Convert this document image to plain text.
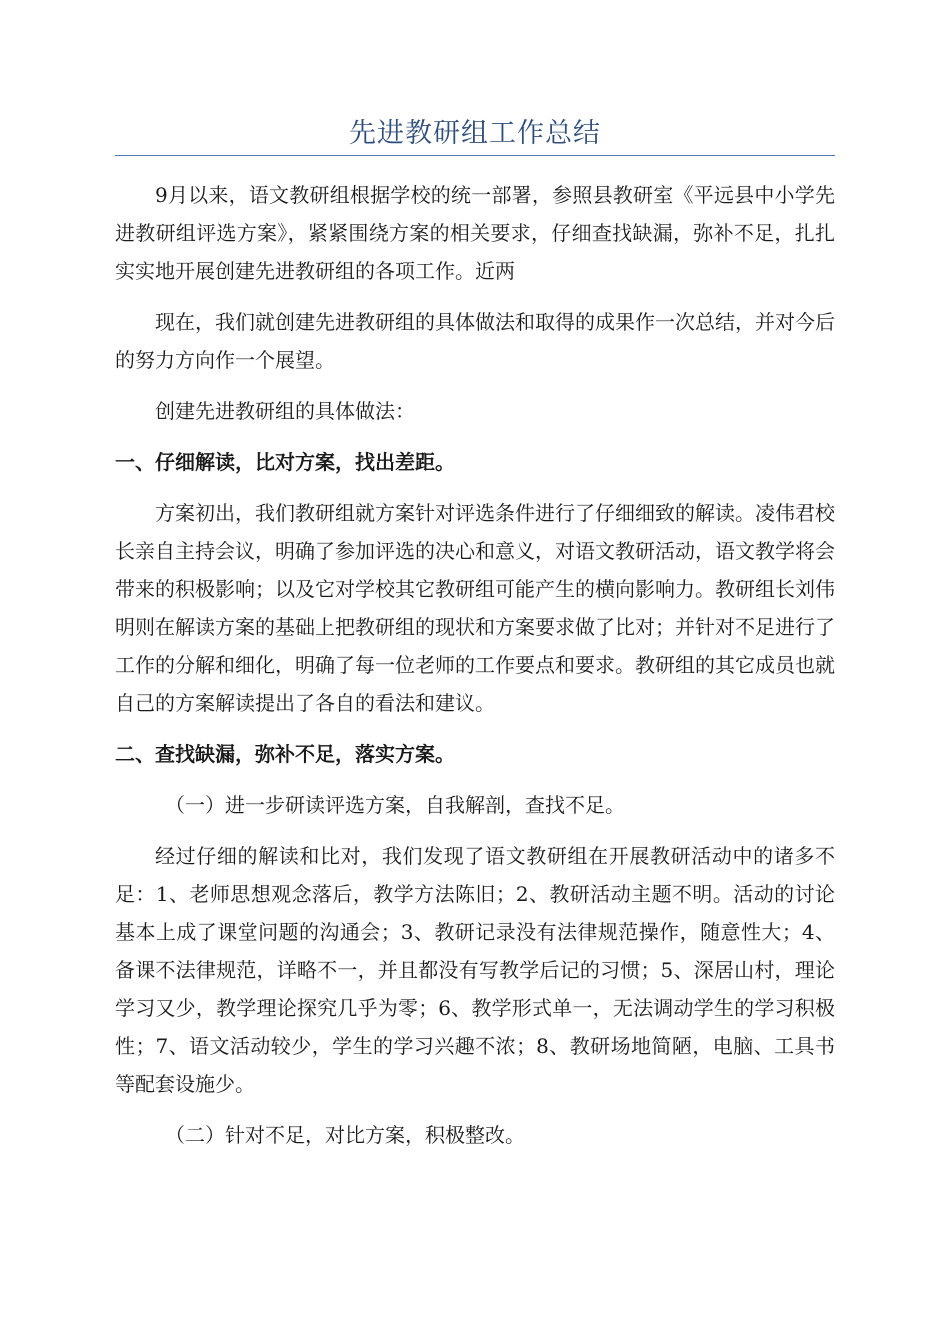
先进教研组工作总结

9月以来，语文教研组根据学校的统一部署，参照县教研室《平远县中小学先进教研组评选方案》，紧紧围绕方案的相关要求，仔细查找缺漏，弥补不足，扎扎实实地开展创建先进教研组的各项工作。近两

现在，我们就创建先进教研组的具体做法和取得的成果作一次总结，并对今后的努力方向作一个展望。

创建先进教研组的具体做法：

一、仔细解读，比对方案，找出差距。

方案初出，我们教研组就方案针对评选条件进行了仔细细致的解读。凌伟君校长亲自主持会议，明确了参加评选的决心和意义，对语文教研活动，语文教学将会带来的积极影响；以及它对学校其它教研组可能产生的横向影响力。教研组长刘伟明则在解读方案的基础上把教研组的现状和方案要求做了比对；并针对不足进行了工作的分解和细化，明确了每一位老师的工作要点和要求。教研组的其它成员也就自己的方案解读提出了各自的看法和建议。

二、查找缺漏，弥补不足，落实方案。

（一）进一步研读评选方案，自我解剖，查找不足。

经过仔细的解读和比对，我们发现了语文教研组在开展教研活动中的诸多不足：1、老师思想观念落后，教学方法陈旧；2、教研活动主题不明。活动的讨论基本上成了课堂问题的沟通会；3、教研记录没有法律规范操作，随意性大；4、备课不法律规范，详略不一，并且都没有写教学后记的习惯；5、深居山村，理论学习又少，教学理论探究几乎为零；6、教学形式单一，无法调动学生的学习积极性；7、语文活动较少，学生的学习兴趣不浓；8、教研场地简陋，电脑、工具书等配套设施少。

（二）针对不足，对比方案，积极整改。
